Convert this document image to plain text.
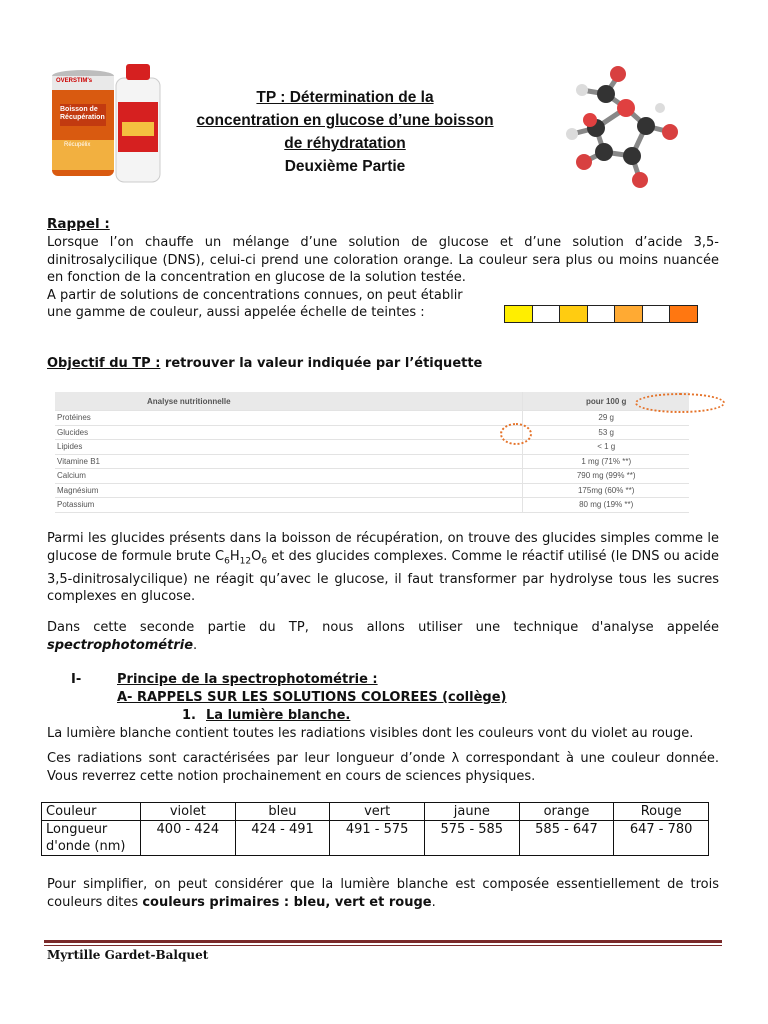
OVERSTIM's
Boisson de Récupération
Récupélix
TP : Détermination de la
concentration en glucose d’une boisson
de réhydratation
Deuxième Partie
Rappel :
Lorsque l’on chauffe un mélange d’une solution de glucose et d’une solution d’acide 3,5-dinitrosalycilique (DNS), celui-ci prend une coloration orange. La couleur sera plus ou moins nuancée en fonction de la concentration en glucose de la solution testée.
A partir de solutions de concentrations connues, on peut établir
une gamme de couleur, aussi appelée échelle de teintes :
Objectif du TP : retrouver la valeur indiquée par l’étiquette
Analyse nutritionnelle	pour 100 g

Protéines	29 g
Glucides	53 g
Lipides	< 1 g
Vitamine B1	1 mg (71% **)
Calcium	790 mg (99% **)
Magnésium	175mg (60% **)
Potassium	80 mg (19% **)
Parmi les glucides présents dans la boisson de récupération, on trouve des glucides simples comme le glucose de formule brute $C_6H_{12}O_6$ et des glucides complexes. Comme le réactif utilisé (le DNS ou acide 3,5-dinitrosalycilique) ne réagit qu’avec le glucose, il faut transformer par hydrolyse tous les sucres complexes en glucose.
Dans cette seconde partie du TP, nous allons utiliser une technique d'analyse appelée spectrophotométrie.
I-	Principe de la spectrophotométrie :
A- RAPPELS SUR LES SOLUTIONS COLOREES (collège)
1. La lumière blanche.
La lumière blanche contient toutes les radiations visibles dont les couleurs vont du violet au rouge.
Ces radiations sont caractérisées par leur longueur d’onde λ correspondant à une couleur donnée. Vous reverrez cette notion prochainement en cours de sciences physiques.
Couleur	violet	bleu	vert	jaune	orange	Rouge
Longueur d'onde (nm)	400 - 424	424 - 491	491 - 575	575 - 585	585 - 647	647 - 780
Pour simplifier, on peut considérer que la lumière blanche est composée essentiellement de trois couleurs dites couleurs primaires : bleu, vert et rouge.
Myrtille Gardet-Balquet
